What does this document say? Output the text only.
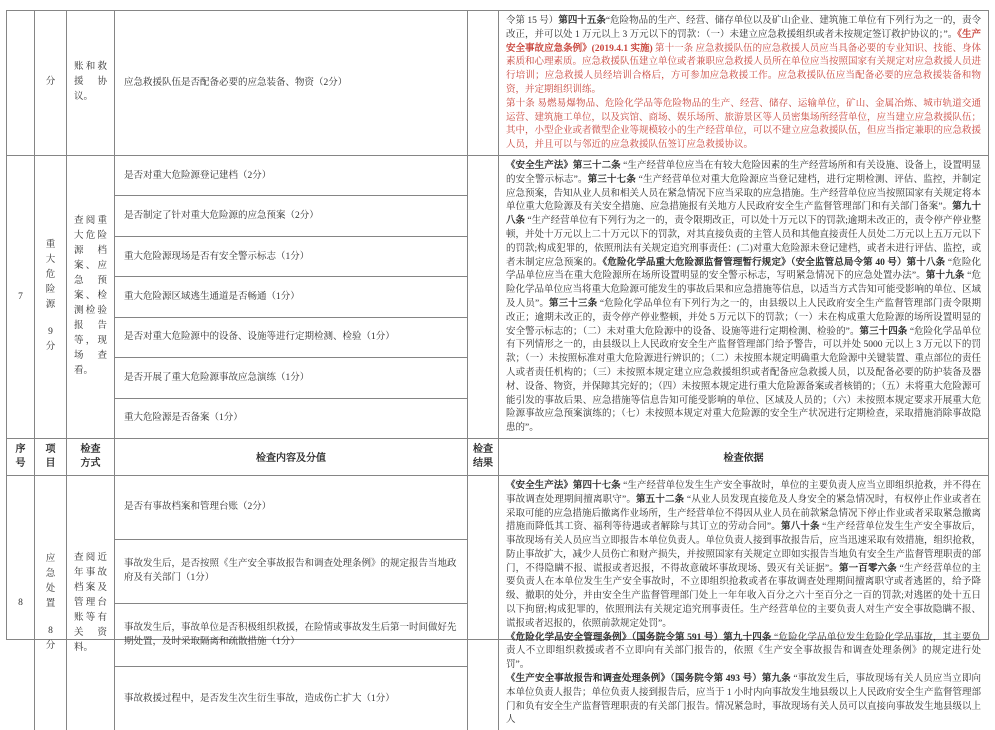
分
账和救援协议。
应急救援队伍是否配备必要的应急装备、物资（2分）
令第 15 号）第四十五条“危险物品的生产、经营、储存单位以及矿山企业、建筑施工单位有下列行为之一的，责令改正，并可以处 1 万元以上 3 万元以下的罚款：（一）未建立应急救援组织或者未按规定签订救护协议的；”。《生产安全事故应急条例》(2019.4.1 实施) 第十一条 应急救援队伍的应急救援人员应当具备必要的专业知识、技能、身体素质和心理素质。应急救援队伍建立单位或者兼职应急救援人员所在单位应当按照国家有关规定对应急救援人员进行培训；应急救援人员经培训合格后，方可参加应急救援工作。应急救援队伍应当配备必要的应急救援装备和物资，并定期组织训练。
第十条 易燃易爆物品、危险化学品等危险物品的生产、经营、储存、运输单位，矿山、金属冶炼、城市轨道交通运营、建筑施工单位，以及宾馆、商场、娱乐场所、旅游景区等人员密集场所经营单位，应当建立应急救援队伍；其中，小型企业或者微型企业等规模较小的生产经营单位，可以不建立应急救援队伍，但应当指定兼职的应急救援人员，并且可以与邻近的应急救援队伍签订应急救援协议。
7
重大危险源
9分
查阅重大危险源档案、应急预案、检测检验报告等，现场查看。
是否对重大危险源登记建档（2分）
是否制定了针对重大危险源的应急预案（2分）
重大危险源现场是否有安全警示标志（1分）
重大危险源区域逃生通道是否畅通（1分）
是否对重大危险源中的设备、设施等进行定期检测、检验（1分）
是否开展了重大危险源事故应急演练（1分）
重大危险源是否备案（1分）
《安全生产法》第三十二条 “生产经营单位应当在有较大危险因素的生产经营场所和有关设施、设备上，设置明显的安全警示标志”。第三十七条 “生产经营单位对重大危险源应当登记建档，进行定期检测、评估、监控，并制定应急预案，告知从业人员和相关人员在紧急情况下应当采取的应急措施。生产经营单位应当按照国家有关规定将本单位重大危险源及有关安全措施、应急措施报有关地方人民政府安全生产监督管理部门和有关部门备案”。第九十八条 “生产经营单位有下列行为之一的，责令限期改正，可以处十万元以下的罚款;逾期未改正的，责令停产停业整顿，并处十万元以上二十万元以下的罚款，对其直接负责的主管人员和其他直接责任人员处二万元以上五万元以下的罚款;构成犯罪的，依照刑法有关规定追究刑事责任：(二)对重大危险源未登记建档，或者未进行评估、监控，或者未制定应急预案的。《危险化学品重大危险源监督管理暂行规定》（安全监管总局令第 40 号）第十八条 “危险化学品单位应当在重大危险源所在场所设置明显的安全警示标志，写明紧急情况下的应急处置办法”。第十九条 “危险化学品单位应当将重大危险源可能发生的事故后果和应急措施等信息，以适当方式告知可能受影响的单位、区域及人员”。第三十三条 “危险化学品单位有下列行为之一的，由县级以上人民政府安全生产监督管理部门责令限期改正；逾期未改正的，责令停产停业整顿，并处 5 万元以下的罚款；（一）未在构成重大危险源的场所设置明显的安全警示标志的；（二）未对重大危险源中的设备、设施等进行定期检测、检验的”。第三十四条 “危险化学品单位有下列情形之一的，由县级以上人民政府安全生产监督管理部门给予警告，可以并处 5000 元以上 3 万元以下的罚款；（一）未按照标准对重大危险源进行辨识的；（二）未按照本规定明确重大危险源中关键装置、重点部位的责任人或者责任机构的；（三）未按照本规定建立应急救援组织或者配备应急救援人员，以及配备必要的防护装备及器材、设备、物资，并保障其完好的；（四）未按照本规定进行重大危险源备案或者核销的；（五）未将重大危险源可能引发的事故后果、应急措施等信息告知可能受影响的单位、区域及人员的；（六）未按照本规定要求开展重大危险源事故应急预案演练的；（七）未按照本规定对重大危险源的安全生产状况进行定期检查，采取措施消除事故隐患的”。
序号
项目
检查方式	检查内容及分值
检查结果	检查依据
8
应急处置
8分
查阅近年事故档案及管理台账等有关资料。
是否有事故档案和管理台账（2分）
事故发生后，是否按照《生产安全事故报告和调查处理条例》的规定报告当地政府及有关部门（1分）
事故发生后，事故单位是否积极组织救援，在险情或事故发生后第一时间做好先期处置，及时采取隔离和疏散措施（1分）
事故救援过程中，是否发生次生衍生事故，造成伤亡扩大（1分）
《安全生产法》第四十七条 “生产经营单位发生生产安全事故时，单位的主要负责人应当立即组织抢救，并不得在事故调查处理期间擅离职守”。第五十二条 “从业人员发现直接危及人身安全的紧急情况时，有权停止作业或者在采取可能的应急措施后撤离作业场所，生产经营单位不得因从业人员在前款紧急情况下停止作业或者采取紧急撤离措施而降低其工资、福利等待遇或者解除与其订立的劳动合同”。第八十条 “生产经营单位发生生产安全事故后，事故现场有关人员应当立即报告本单位负责人。单位负责人接到事故报告后，应当迅速采取有效措施，组织抢救，防止事故扩大，减少人员伤亡和财产损失，并按照国家有关规定立即如实报告当地负有安全生产监督管理职责的部门，不得隐瞒不报、谎报或者迟报，不得故意破坏事故现场、毁灭有关证据”。第一百零六条 “生产经营单位的主要负责人在本单位发生生产安全事故时，不立即组织抢救或者在事故调查处理期间擅离职守或者逃匿的，给予降级、撤职的处分，并由安全生产监督管理部门处上一年年收入百分之六十至百分之一百的罚款;对逃匿的处十五日以下拘留;构成犯罪的，依照刑法有关规定追究刑事责任。生产经营单位的主要负责人对生产安全事故隐瞒不报、谎报或者迟报的，依照前款规定处罚”。
《危险化学品安全管理条例》（国务院令第 591 号）第九十四条 “危险化学品单位发生危险化学品事故，其主要负责人不立即组织救援或者不立即向有关部门报告的，依照《生产安全事故报告和调查处理条例》的规定进行处罚”。
《生产安全事故报告和调查处理条例》（国务院令第 493 号）第九条 “事故发生后，事故现场有关人员应当立即向本单位负责人报告；单位负责人接到报告后，应当于 1 小时内向事故发生地县级以上人民政府安全生产监督管理部门和负有安全生产监督管理职责的有关部门报告。情况紧急时，事故现场有关人员可以直接向事故发生地县级以上人
